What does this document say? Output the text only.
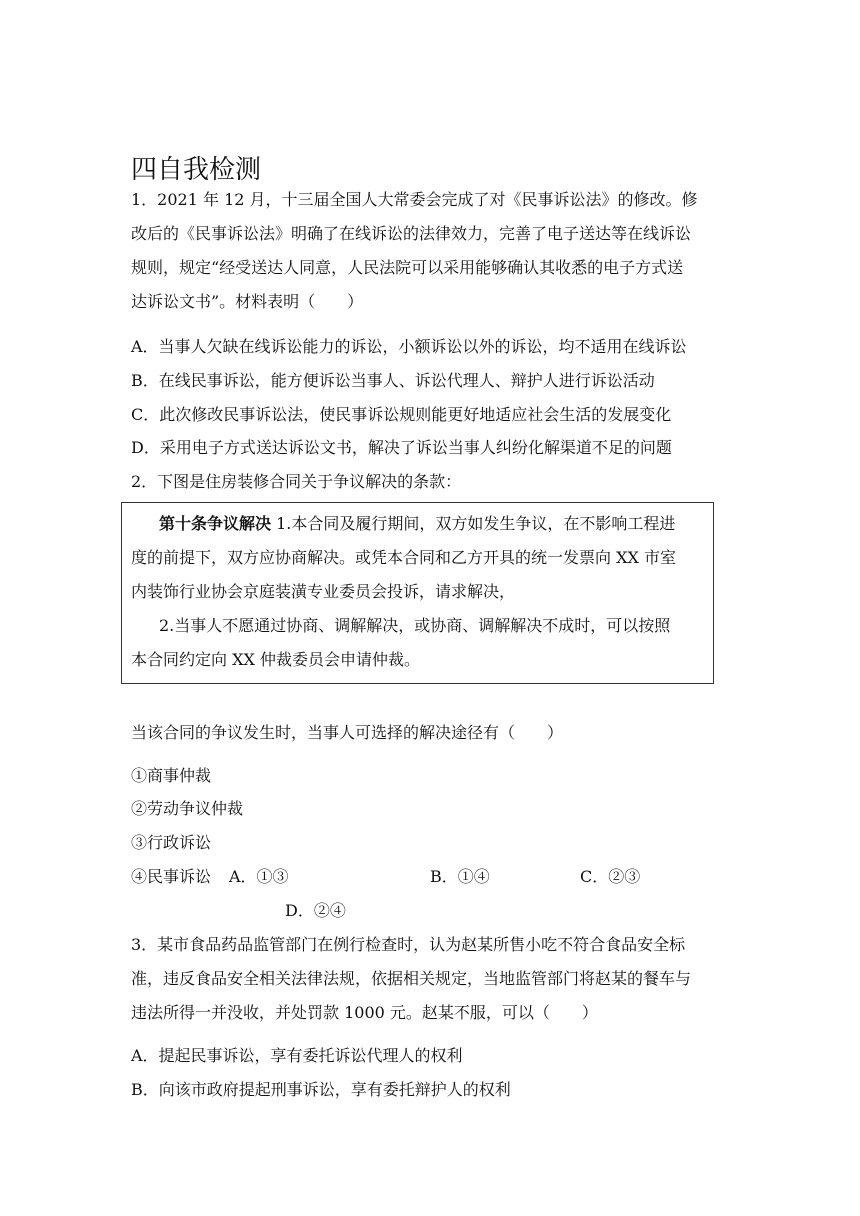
四自我检测
1．2021 年 12 月，十三届全国人大常委会完成了对《民事诉讼法》的修改。修
改后的《民事诉讼法》明确了在线诉讼的法律效力，完善了电子送达等在线诉讼
规则，规定“经受送达人同意，人民法院可以采用能够确认其收悉的电子方式送
达诉讼文书”。材料表明（　　）
A．当事人欠缺在线诉讼能力的诉讼，小额诉讼以外的诉讼，均不适用在线诉讼
B．在线民事诉讼，能方便诉讼当事人、诉讼代理人、辩护人进行诉讼活动
C．此次修改民事诉讼法，使民事诉讼规则能更好地适应社会生活的发展变化
D．采用电子方式送达诉讼文书，解决了诉讼当事人纠纷化解渠道不足的问题
2．下图是住房装修合同关于争议解决的条款：
第十条争议解决 1.本合同及履行期间，双方如发生争议，在不影响工程进
度的前提下，双方应协商解决。或凭本合同和乙方开具的统一发票向 XX 市室
内装饰行业协会京庭装潢专业委员会投诉，请求解决，
2.当事人不愿通过协商、调解解决，或协商、调解解决不成时，可以按照
本合同约定向 XX 仲裁委员会申请仲裁。
当该合同的争议发生时，当事人可选择的解决途径有（　　）
①商事仲裁
②劳动争议仲裁
③行政诉讼
④民事诉讼	A．①③	B．①④	C．②③
D．②④
3．某市食品药品监管部门在例行检查时，认为赵某所售小吃不符合食品安全标
准，违反食品安全相关法律法规，依据相关规定，当地监管部门将赵某的餐车与
违法所得一并没收，并处罚款 1000 元。赵某不服，可以（　　）
A．提起民事诉讼，享有委托诉讼代理人的权利
B．向该市政府提起刑事诉讼，享有委托辩护人的权利
